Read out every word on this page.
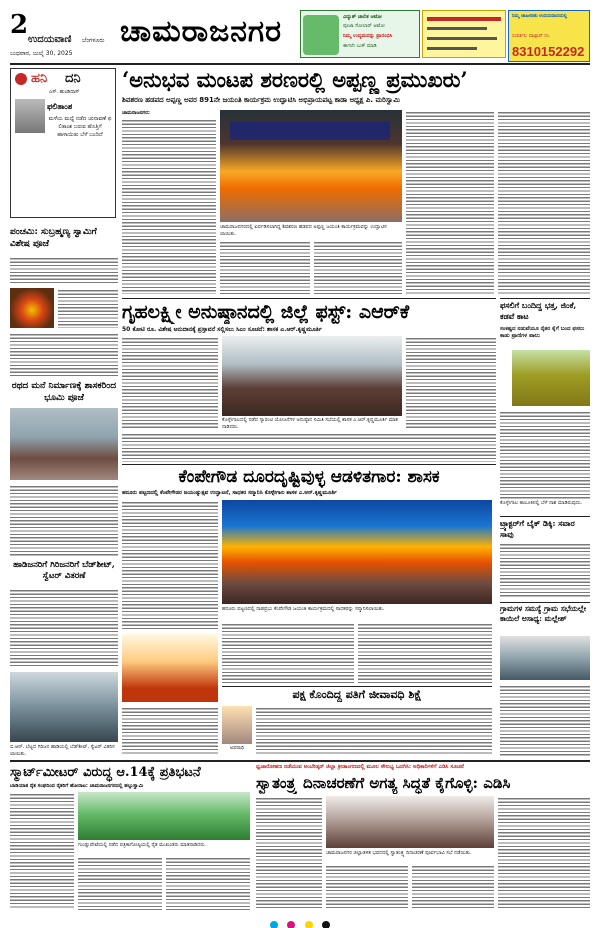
2 ಉದಯವಾಣಿ ಬೆಂಗಳೂರು
ಬುಧವಾರ, ಜುಲೈ 30, 2025
ಚಾಮರಾಜನಗರ	ವಿದ್ಯುತ್ ಚಾಲಿತ ಆಟೋ
ಪೂಜಾ ಸೋಲಾರ್ ಆಟೋ
ನಿಮ್ಮ ಉದ್ಯಮವನ್ನು ಪ್ರಾರಂಭಿಸಿ
ಈಗಲೇ ಬುಕ್ ಮಾಡಿ
ನಿಮ್ಮ ಜಾಹೀರಾತು ಉದಯವಾಣಿಯಲ್ಲಿ
ಸಂಪರ್ಕಿಸಿ: ವಾಟ್ಸಾಪ್ ನಂ.
8310152292
ಹನಿ ದನಿ
ಎಸ್. ಹುಂಡಿದಾಸ್
ಫಲಿತಾಂಶ
ಮಳೆಯ ಮಧ್ಯೆ ನಡೆದ ಚುನಾವಣೆ ಫಲಿತಾಂಶ ಬರುವ ಹೊತ್ತಿಗೆ ಹಾಳಾಯಿತು ಬೆಳೆ ಬಂದಿದೆ
ಪಂಚಮಿ: ಸುಬ್ರಹ್ಮಣ್ಯ ಸ್ವಾಮಿಗೆ ವಿಶೇಷ ಪೂಜೆ
ರಥದ ಮನೆ ನಿರ್ಮಾಣಕ್ಕೆ ಶಾಸಕರಿಂದ ಭೂಮಿ ಪೂಜೆ
ಹಾಡಿಜನರಿಗೆ ಗಿರಿಜನರಿಗೆ ಬೆಡ್‌ಶೀಟ್, ಸ್ವೆಟರ್ ವಿತರಣೆ
ಬಿ.ಆರ್. ಬೆಟ್ಟದ ಗಿರಿಜನ ಹಾಡಿಯಲ್ಲಿ ಬೆಡ್‌ಶೀಟ್, ಸ್ವೆಟರ್ ವಿತರಿಸಲಾಯಿತು.
‘ಅನುಭವ ಮಂಟಪ ಶರಣರಲ್ಲಿ ಅಪ್ಪಣ್ಣ ಪ್ರಮುಖರು’
ಶಿವಶರಣ ಹಡಪದ ಅಪ್ಪಣ್ಣ ಅವರ 891ನೇ ಜಯಂತಿ ಕಾರ್ಯಕ್ರಮ ಉದ್ಘಾಟಿಸಿ ಅಭಿಪ್ರಾಯಪಟ್ಟ ಕಾಡಾ ಅಧ್ಯಕ್ಷ ಪಿ. ಮರಿಸ್ವಾಮಿ
ಚಾಮರಾಜನಗರ:
ಚಾಮರಾಜನಗರದಲ್ಲಿ ಏರ್ಪಡಿಸಲಾಗಿದ್ದ ಶಿವಶರಣ ಹಡಪದ ಅಪ್ಪಣ್ಣ ಜಯಂತಿ ಕಾರ್ಯಕ್ರಮವನ್ನು ಉದ್ಘಾಟಿಸಲಾಯಿತು.
ಗೃಹಲಕ್ಷ್ಮೀ ಅನುಷ್ಠಾನದಲ್ಲಿ ಜಿಲ್ಲೆ ಫಸ್ಟ್‌: ಎಆರ್‌ಕೆ
50 ಕೋಟಿ ರೂ. ವಿಶೇಷ ಅನುದಾನಕ್ಕೆ ಪ್ರಸ್ತಾವನೆ ಸಲ್ಲಿಸಲು ಸಿಎಂ ಸೂಚನೆ: ಶಾಸಕ ಎ.ಆರ್.ಕೃಷ್ಣಮೂರ್ತಿ
ಕೊಳ್ಳೇಗಾಲದಲ್ಲಿ ನಡೆದ ಗ್ಯಾರಂಟಿ ಯೋಜನೆಗಳ ಅನುಷ್ಠಾನ ಸಮಿತಿ ಸಭೆಯಲ್ಲಿ ಶಾಸಕ ಎ.ಆರ್.ಕೃಷ್ಣಮೂರ್ತಿ ಮಾತನಾಡಿದರು.
ಕೆಂಪೇಗೌಡ ದೂರದೃಷ್ಟಿವುಳ್ಳ ಆಡಳಿತಗಾರ: ಶಾಸಕ
ಹನೂರು ಪಟ್ಟಣದಲ್ಲಿ ಕೆಂಪೇಗೌಡರ ಜಯಂತ್ಯುತ್ಸವ ಉದ್ಘಾಟನೆ, ಸಾಧಕರ ಸನ್ಮಾನಿಸಿ ಕೊಳ್ಳೇಗಾಲ ಶಾಸಕ ಎ.ಆರ್.ಕೃಷ್ಣಮೂರ್ತಿ
ಹನೂರು ಪಟ್ಟಣದಲ್ಲಿ ನಾಡಪ್ರಭು ಕೆಂಪೇಗೌಡ ಜಯಂತಿ ಕಾರ್ಯಕ್ರಮದಲ್ಲಿ ಸಾಧಕರನ್ನು ಸನ್ಮಾನಿಸಲಾಯಿತು.
ಫಸಲಿಗೆ ಬಂದಿದ್ದ ಭತ್ತ, ಜಿಂಕೆ, ಕಡವೆ ಕಾಟ
ಸಂಕಷ್ಟದ ನಡುವೆಯೂ ರೈತರ ಕೈಗೆ ಬಂದ ಫಸಲು ಕಾಡು ಪ್ರಾಣಿಗಳ ಪಾಲು
ಕೊಳ್ಳೇಗಾಲ ತಾಲೂಕಿನಲ್ಲಿ ಬೆಳೆ ನಾಶ ಮಾಡಿರುವುದು.
ಟ್ರ್ಯಾಕ್ಟರ್‌ಗೆ ಬೈಕ್ ಡಿಕ್ಕಿ: ಸವಾರ ಸಾವು
ಗ್ರಾಮಗಳ ಸಮಸ್ಯೆ ಗ್ರಾಮ ಸಭೆಯಲ್ಲೇ ಕಾಯಿಲೆ ಅಸಾಧ್ಯ: ಮಲ್ಲೇಶ್
ಪಕ್ಷ ಕೊಂದಿದ್ದ ಪತಿಗೆ ಜೀವಾವಧಿ ಶಿಕ್ಷೆ
ಅಪರಾಧಿ
ಸ್ಮಾರ್ಟ್‌ಮೀಟರ್ ವಿರುದ್ಧ ಆ.14ಕ್ಕೆ ಪ್ರತಿಭಟನೆ
ಬಾಡಿಯಾತ ರೈತ ಸಂಘದಿಂದ ರೈತರಿಗೆ ಹೋರಾಟ: ಚಾಮರಾಜನಗರದಲ್ಲಿ ಹಲ್ಲುಸ್ವಾಮಿ
ಗುಂಡ್ಲುಪೇಟೆಯಲ್ಲಿ ನಡೆದ ಪತ್ರಿಕಾಗೋಷ್ಠಿಯಲ್ಲಿ ರೈತ ಮುಖಂಡರು ಮಾತನಾಡಿದರು.
ಧ್ವಜಾರೋಹಣ ನಡೆಯುವ ಅಂಬೇಡ್ಕರ್ ಜಿಲ್ಲಾ ಕ್ರೀಡಾಂಗಣದಲ್ಲಿ ಮೂಲ ಸೌಲಭ್ಯ ಒದಗಿಸಿ: ಅಧಿಕಾರಿಗಳಿಗೆ ಎಡಿಸಿ ಸೂಚನೆ
ಸ್ವಾತಂತ್ರ್ಯ ದಿನಾಚರಣೆಗೆ ಅಗತ್ಯ ಸಿದ್ಧತೆ ಕೈಗೊಳ್ಳಿ: ಎಡಿಸಿ
ಚಾಮರಾಜನಗರ ಜಿಲ್ಲಾಡಳಿತ ಭವನದಲ್ಲಿ ಸ್ವಾತಂತ್ರ್ಯ ದಿನಾಚರಣೆ ಪೂರ್ವಭಾವಿ ಸಭೆ ನಡೆಯಿತು.
